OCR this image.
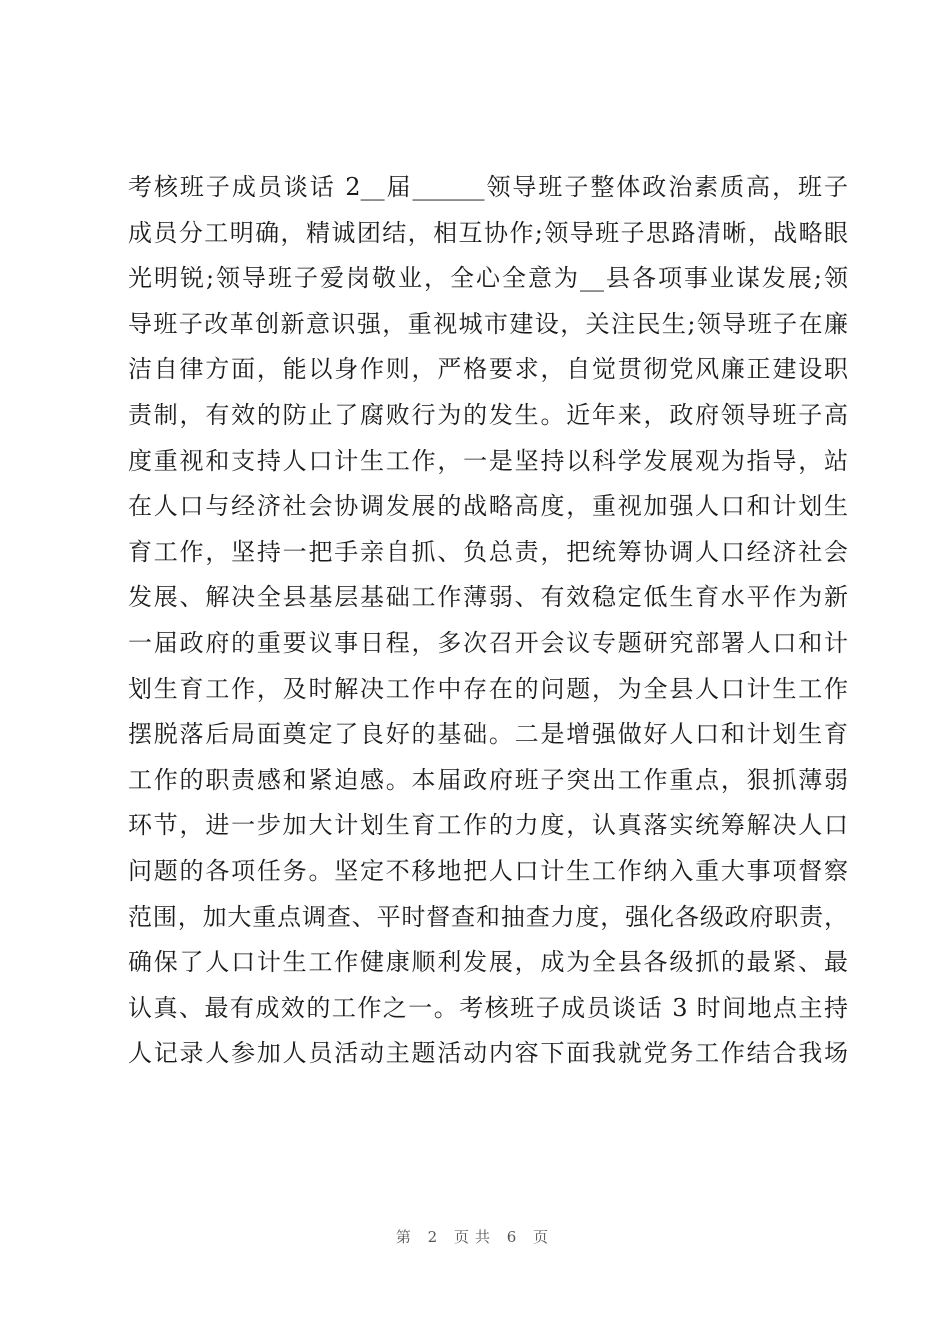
考核班子成员谈话 2__届______领导班子整体政治素质高，班子
成员分工明确，精诚团结，相互协作;领导班子思路清晰，战略眼
光明锐;领导班子爱岗敬业，全心全意为__县各项事业谋发展;领
导班子改革创新意识强，重视城市建设，关注民生;领导班子在廉
洁自律方面，能以身作则，严格要求，自觉贯彻党风廉正建设职
责制，有效的防止了腐败行为的发生。近年来，政府领导班子高
度重视和支持人口计生工作，一是坚持以科学发展观为指导，站
在人口与经济社会协调发展的战略高度，重视加强人口和计划生
育工作，坚持一把手亲自抓、负总责，把统筹协调人口经济社会
发展、解决全县基层基础工作薄弱、有效稳定低生育水平作为新
一届政府的重要议事日程，多次召开会议专题研究部署人口和计
划生育工作，及时解决工作中存在的问题，为全县人口计生工作
摆脱落后局面奠定了良好的基础。二是增强做好人口和计划生育
工作的职责感和紧迫感。本届政府班子突出工作重点，狠抓薄弱
环节，进一步加大计划生育工作的力度，认真落实统筹解决人口
问题的各项任务。坚定不移地把人口计生工作纳入重大事项督察
范围，加大重点调查、平时督查和抽查力度，强化各级政府职责，
确保了人口计生工作健康顺利发展，成为全县各级抓的最紧、最
认真、最有成效的工作之一。考核班子成员谈话 3 时间地点主持
人记录人参加人员活动主题活动内容下面我就党务工作结合我场
第 2 页共 6 页
